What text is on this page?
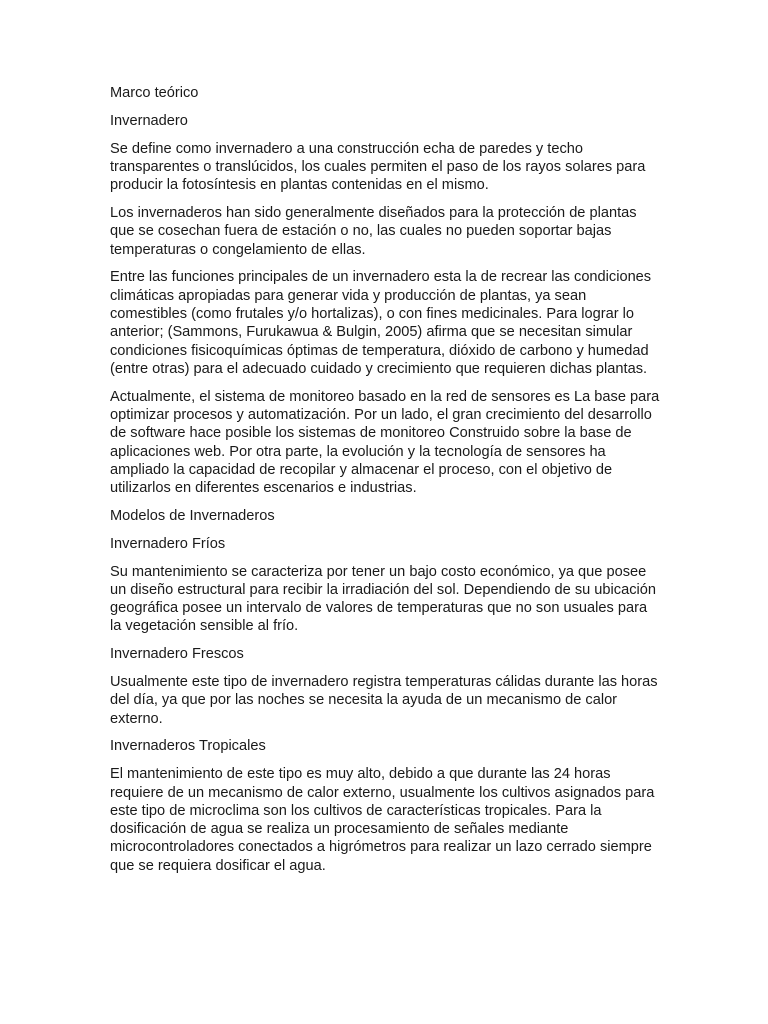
Marco teórico

Invernadero

Se define como invernadero a una construcción echa de paredes y techo transparentes o translúcidos, los cuales permiten el paso de los rayos solares para producir la fotosíntesis en plantas contenidas en el mismo.

Los invernaderos han sido generalmente diseñados para la protección de plantas que se cosechan fuera de estación o no, las cuales no pueden soportar bajas temperaturas o congelamiento de ellas.

Entre las funciones principales de un invernadero esta la de recrear las condiciones climáticas apropiadas para generar vida y producción de plantas, ya sean comestibles (como frutales y/o hortalizas), o con fines medicinales. Para lograr lo anterior; (Sammons, Furukawua & Bulgin, 2005) afirma que se necesitan simular condiciones fisicoquímicas óptimas de temperatura, dióxido de carbono y humedad (entre otras) para el adecuado cuidado y crecimiento que requieren dichas plantas.

Actualmente, el sistema de monitoreo basado en la red de sensores es La base para optimizar procesos y automatización. Por un lado, el gran crecimiento del desarrollo de software hace posible los sistemas de monitoreo Construido sobre la base de aplicaciones web. Por otra parte, la evolución y la tecnología de sensores ha ampliado la capacidad de recopilar y almacenar el proceso, con el objetivo de utilizarlos en diferentes escenarios e industrias.

Modelos de Invernaderos

Invernadero Fríos

Su mantenimiento se caracteriza por tener un bajo costo económico, ya que posee un diseño estructural para recibir la irradiación del sol. Dependiendo de su ubicación geográfica posee un intervalo de valores de temperaturas que no son usuales para la vegetación sensible al frío.

Invernadero Frescos

Usualmente este tipo de invernadero registra temperaturas cálidas durante las horas del día, ya que por las noches se necesita la ayuda de un mecanismo de calor externo.

Invernaderos Tropicales

El mantenimiento de este tipo es muy alto, debido a que durante las 24 horas requiere de un mecanismo de calor externo, usualmente los cultivos asignados para este tipo de microclima son los cultivos de características tropicales. Para la dosificación de agua se realiza un procesamiento de señales mediante microcontroladores conectados a higrómetros para realizar un lazo cerrado siempre que se requiera dosificar el agua.
